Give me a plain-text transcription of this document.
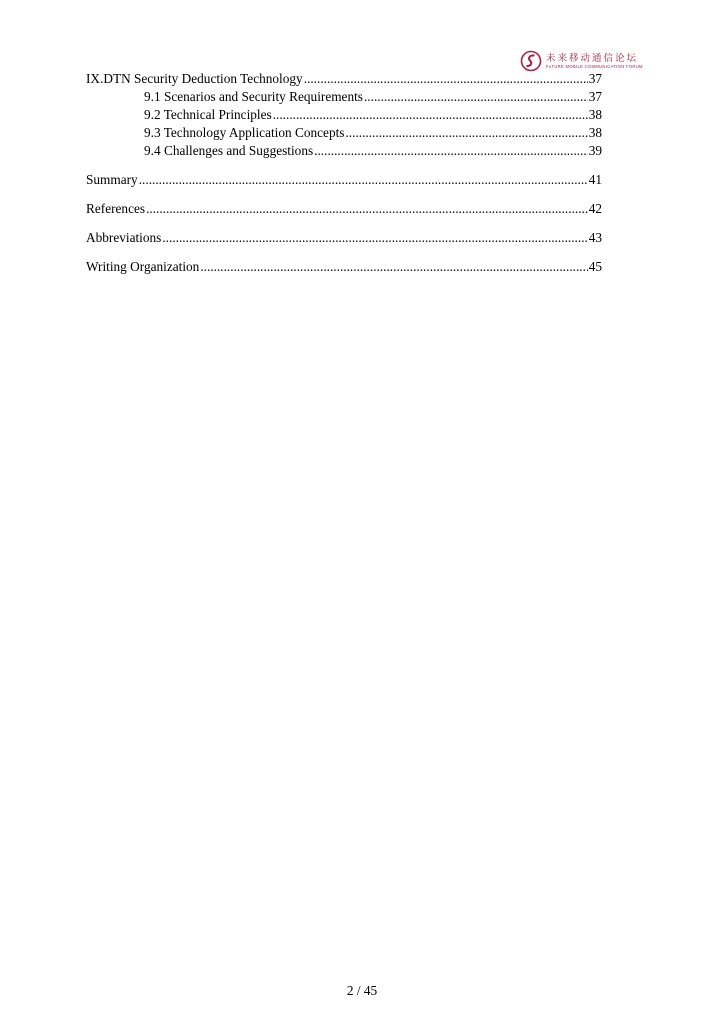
未来移动通信论坛
FuTURE MOBILE COMMUNICATION FORUM
IX.DTN Security Deduction Technology .....	37
9.1 Scenarios and Security Requirements .....	37
9.2 Technical Principles .....	38
9.3 Technology Application Concepts .....	38
9.4 Challenges and Suggestions .....	39
Summary .....	41
References .....	42
Abbreviations .....	43
Writing Organization .....	45
2 / 45
